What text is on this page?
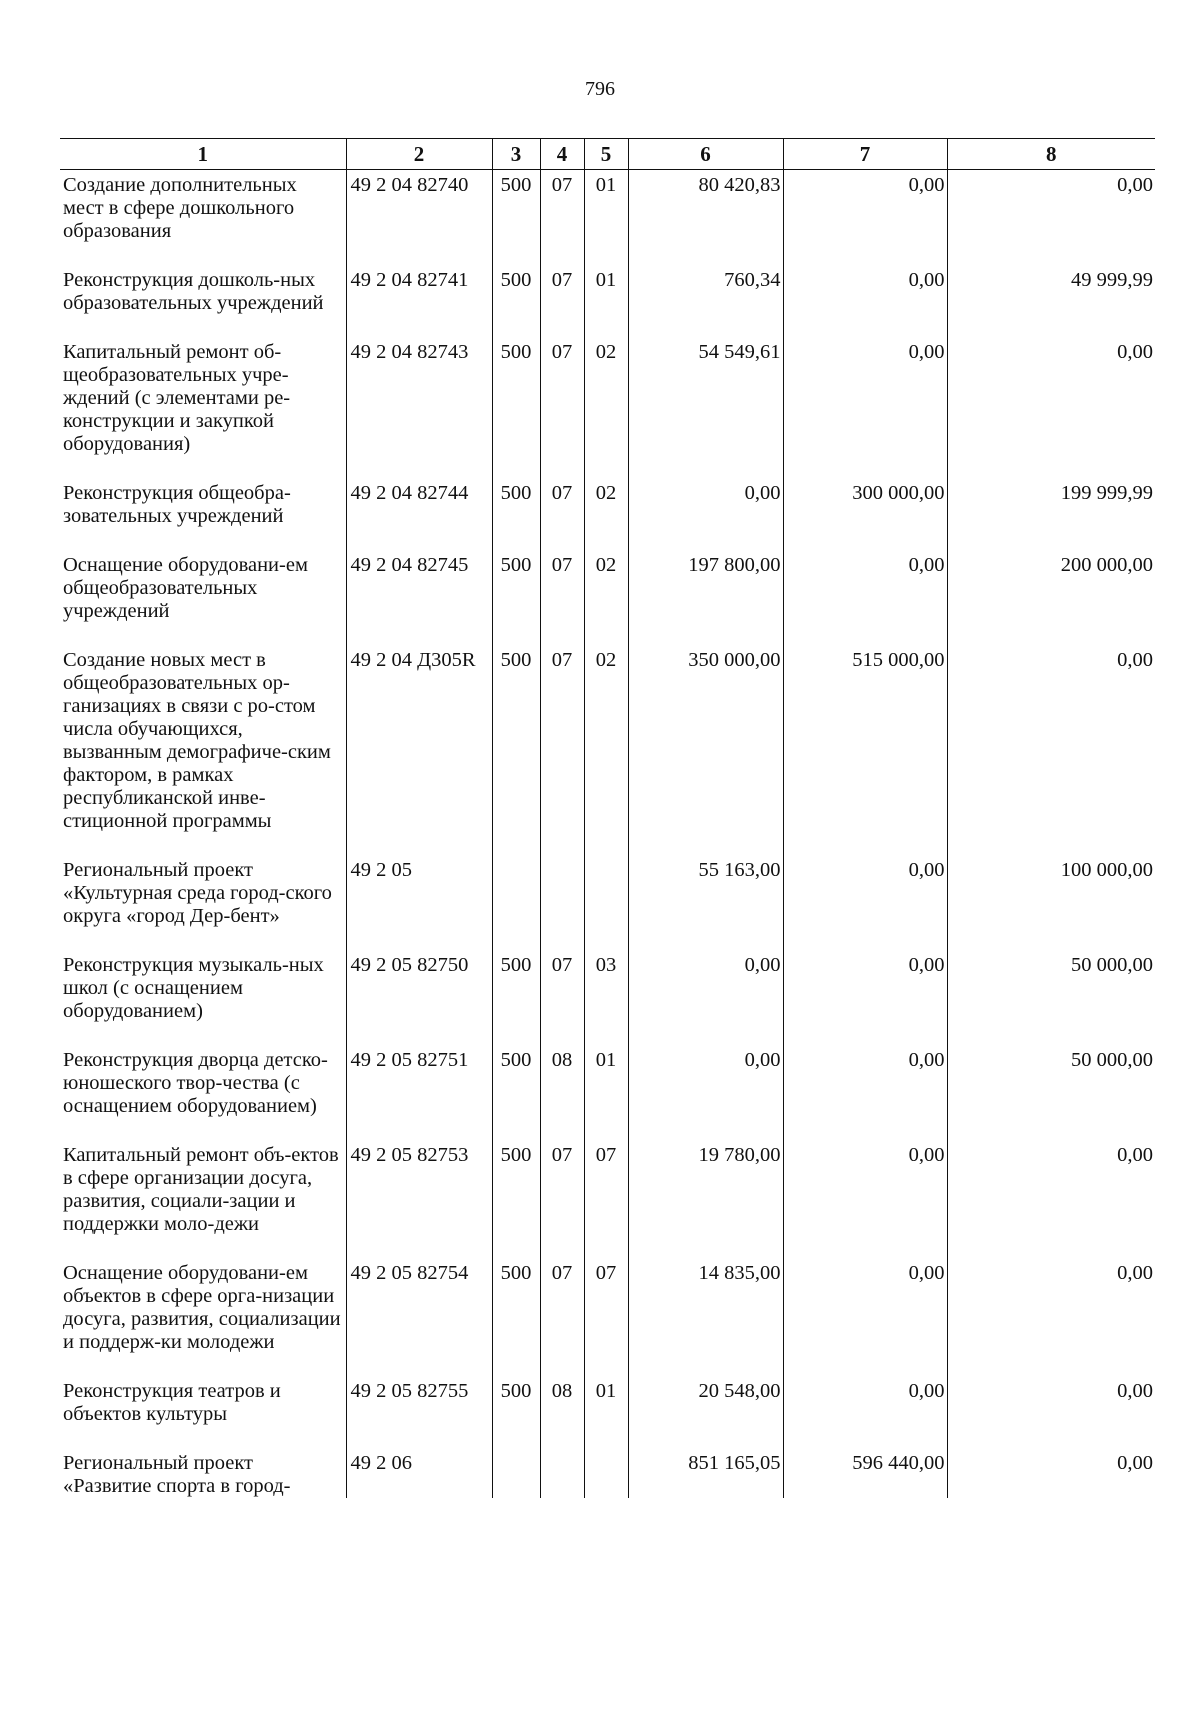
796
1	2	3	4	5	6	7	8
Создание дополнительных мест в сфере дошкольного образования	49 2 04 82740	500	07	01	80 420,83	0,00	0,00
Реконструкция дошколь-ных образовательных учреждений	49 2 04 82741	500	07	01	760,34	0,00	49 999,99
Капитальный ремонт об-щеобразовательных учре-ждений (с элементами ре-конструкции и закупкой оборудования)	49 2 04 82743	500	07	02	54 549,61	0,00	0,00
Реконструкция общеобра-зовательных учреждений	49 2 04 82744	500	07	02	0,00	300 000,00	199 999,99
Оснащение оборудовани-ем общеобразовательных учреждений	49 2 04 82745	500	07	02	197 800,00	0,00	200 000,00
Создание новых мест в общеобразовательных ор-ганизациях в связи с ро-стом числа обучающихся, вызванным демографиче-ским фактором, в рамках республиканской инве-стиционной программы	49 2 04 Д305R	500	07	02	350 000,00	515 000,00	0,00
Региональный проект «Культурная среда город-ского округа «город Дер-бент»	49 2 05				55 163,00	0,00	100 000,00
Реконструкция музыкаль-ных школ (с оснащением оборудованием)	49 2 05 82750	500	07	03	0,00	0,00	50 000,00
Реконструкция дворца детско-юношеского твор-чества (с оснащением оборудованием)	49 2 05 82751	500	08	01	0,00	0,00	50 000,00
Капитальный ремонт объ-ектов в сфере организации досуга, развития, социали-зации и поддержки моло-дежи	49 2 05 82753	500	07	07	19 780,00	0,00	0,00
Оснащение оборудовани-ем объектов в сфере орга-низации досуга, развития, социализации и поддерж-ки молодежи	49 2 05 82754	500	07	07	14 835,00	0,00	0,00
Реконструкция театров и объектов культуры	49 2 05 82755	500	08	01	20 548,00	0,00	0,00
Региональный проект «Развитие спорта в город-	49 2 06				851 165,05	596 440,00	0,00
